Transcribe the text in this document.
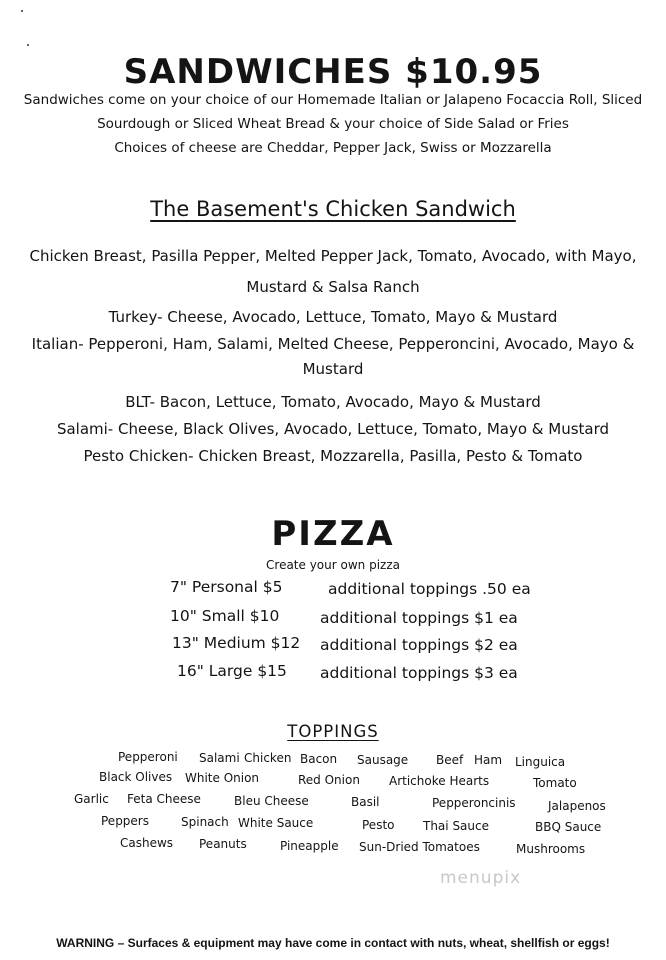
SANDWICHES $10.95
Sandwiches come on your choice of our Homemade Italian or Jalapeno Focaccia Roll, Sliced
Sourdough or Sliced Wheat Bread & your choice of Side Salad or Fries
Choices of cheese are Cheddar, Pepper Jack, Swiss or Mozzarella
The Basement's Chicken Sandwich
Chicken Breast, Pasilla Pepper, Melted Pepper Jack, Tomato, Avocado, with Mayo,
Mustard & Salsa Ranch
Turkey- Cheese, Avocado, Lettuce, Tomato, Mayo & Mustard
Italian- Pepperoni, Ham, Salami, Melted Cheese, Pepperoncini, Avocado, Mayo &
Mustard
BLT- Bacon, Lettuce, Tomato, Avocado, Mayo & Mustard
Salami- Cheese, Black Olives, Avocado, Lettuce, Tomato, Mayo & Mustard
Pesto Chicken- Chicken Breast, Mozzarella, Pasilla, Pesto & Tomato
PIZZA
Create your own pizza
7" Personal $5	additional toppings .50 ea
10" Small $10	additional toppings $1 ea
13" Medium $12 additional toppings $2 ea
16" Large $15 additional toppings $3 ea
TOPPINGS
Pepperoni Salami Chicken Bacon Sausage Beef Ham Linguica
Black Olives White Onion	Red Onion Artichoke Hearts	Tomato
Garlic Feta Cheese	Bleu Cheese	Basil	Pepperoncinis	Jalapenos
Peppers	Spinach White Sauce	Pesto Thai Sauce	BBQ Sauce
Cashews Peanuts	Pineapple Sun-Dried Tomatoes	Mushrooms
menupix
WARNING – Surfaces & equipment may have come in contact with nuts, wheat, shellfish or eggs!
